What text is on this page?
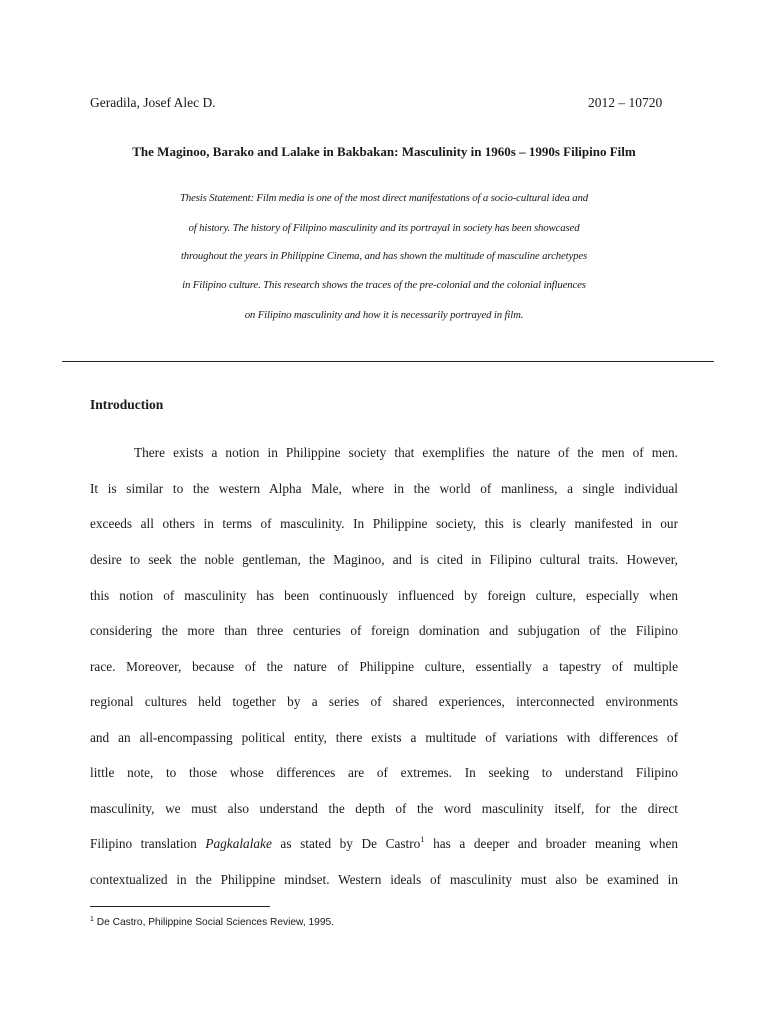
Geradila, Josef Alec D.	2012 – 10720
The Maginoo, Barako and Lalake in Bakbakan: Masculinity in 1960s – 1990s Filipino Film
Thesis Statement: Film media is one of the most direct manifestations of a socio-cultural idea and
of history. The history of Filipino masculinity and its portrayal in society has been showcased
throughout the years in Philippine Cinema, and has shown the multitude of masculine archetypes
in Filipino culture. This research shows the traces of the pre-colonial and the colonial influences
on Filipino masculinity and how it is necessarily portrayed in film.
Introduction
There exists a notion in Philippine society that exemplifies the nature of the men of men.
It is similar to the western Alpha Male, where in the world of manliness, a single individual
exceeds all others in terms of masculinity. In Philippine society, this is clearly manifested in our
desire to seek the noble gentleman, the Maginoo, and is cited in Filipino cultural traits. However,
this notion of masculinity has been continuously influenced by foreign culture, especially when
considering the more than three centuries of foreign domination and subjugation of the Filipino
race. Moreover, because of the nature of Philippine culture, essentially a tapestry of multiple
regional cultures held together by a series of shared experiences, interconnected environments
and an all-encompassing political entity, there exists a multitude of variations with differences of
little note, to those whose differences are of extremes. In seeking to understand Filipino
masculinity, we must also understand the depth of the word masculinity itself, for the direct
Filipino translation Pagkalalake as stated by De Castro$^1$ has a deeper and broader meaning when
contextualized in the Philippine mindset. Western ideals of masculinity must also be examined in
$^1$ De Castro, Philippine Social Sciences Review, 1995.
